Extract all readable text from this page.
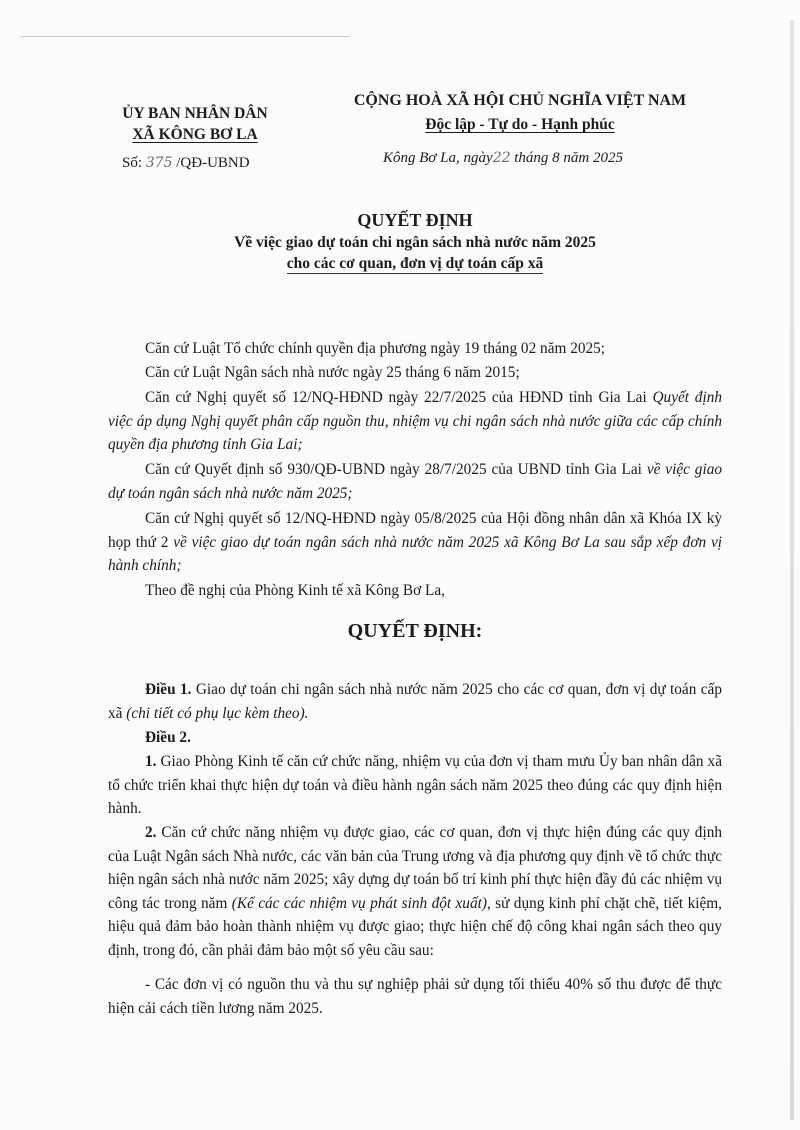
ỦY BAN NHÂN DÂN
XÃ KÔNG BƠ LA
Số: 375 /QĐ-UBND
CỘNG HOÀ XÃ HỘI CHỦ NGHĨA VIỆT NAM
Độc lập - Tự do - Hạnh phúc
Kông Bơ La, ngày22 tháng 8 năm 2025
QUYẾT ĐỊNH
Về việc giao dự toán chi ngân sách nhà nước năm 2025
cho các cơ quan, đơn vị dự toán cấp xã

Căn cứ Luật Tổ chức chính quyền địa phương ngày 19 tháng 02 năm 2025;

Căn cứ Luật Ngân sách nhà nước ngày 25 tháng 6 năm 2015;

Căn cứ Nghị quyết số 12/NQ-HĐND ngày 22/7/2025 của HĐND tỉnh Gia Lai Quyết định việc áp dụng Nghị quyết phân cấp nguồn thu, nhiệm vụ chi ngân sách nhà nước giữa các cấp chính quyền địa phương tỉnh Gia Lai;

Căn cứ Quyết định số 930/QĐ-UBND ngày 28/7/2025 của UBND tỉnh Gia Lai về việc giao dự toán ngân sách nhà nước năm 2025;

Căn cứ Nghị quyết số 12/NQ-HĐND ngày 05/8/2025 của Hội đồng nhân dân xã Khóa IX kỳ họp thứ 2 về việc giao dự toán ngân sách nhà nước năm 2025 xã Kông Bơ La sau sắp xếp đơn vị hành chính;

Theo đề nghị của Phòng Kinh tế xã Kông Bơ La,

QUYẾT ĐỊNH:

Điều 1. Giao dự toán chi ngân sách nhà nước năm 2025 cho các cơ quan, đơn vị dự toán cấp xã (chi tiết có phụ lục kèm theo).

Điều 2.

1. Giao Phòng Kinh tế căn cứ chức năng, nhiệm vụ của đơn vị tham mưu Ủy ban nhân dân xã tổ chức triển khai thực hiện dự toán và điều hành ngân sách năm 2025 theo đúng các quy định hiện hành.

2. Căn cứ chức năng nhiệm vụ được giao, các cơ quan, đơn vị thực hiện đúng các quy định của Luật Ngân sách Nhà nước, các văn bản của Trung ương và địa phương quy định về tổ chức thực hiện ngân sách nhà nước năm 2025; xây dựng dự toán bố trí kinh phí thực hiện đầy đủ các nhiệm vụ công tác trong năm (Kể các các nhiệm vụ phát sinh đột xuất), sử dụng kinh phí chặt chẽ, tiết kiệm, hiệu quả đảm bảo hoàn thành nhiệm vụ được giao; thực hiện chế độ công khai ngân sách theo quy định, trong đó, cần phải đảm bảo một số yêu cầu sau:

- Các đơn vị có nguồn thu và thu sự nghiệp phải sử dụng tối thiểu 40% số thu được để thực hiện cải cách tiền lương năm 2025.
